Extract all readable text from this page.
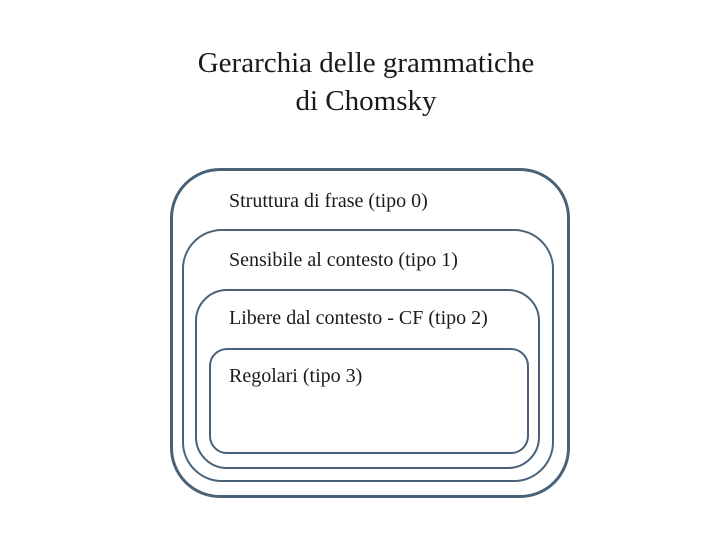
Gerarchia delle grammatiche
di Chomsky
Struttura di frase (tipo 0)
Sensibile al contesto (tipo 1)
Libere dal contesto - CF (tipo 2)
Regolari (tipo 3)
